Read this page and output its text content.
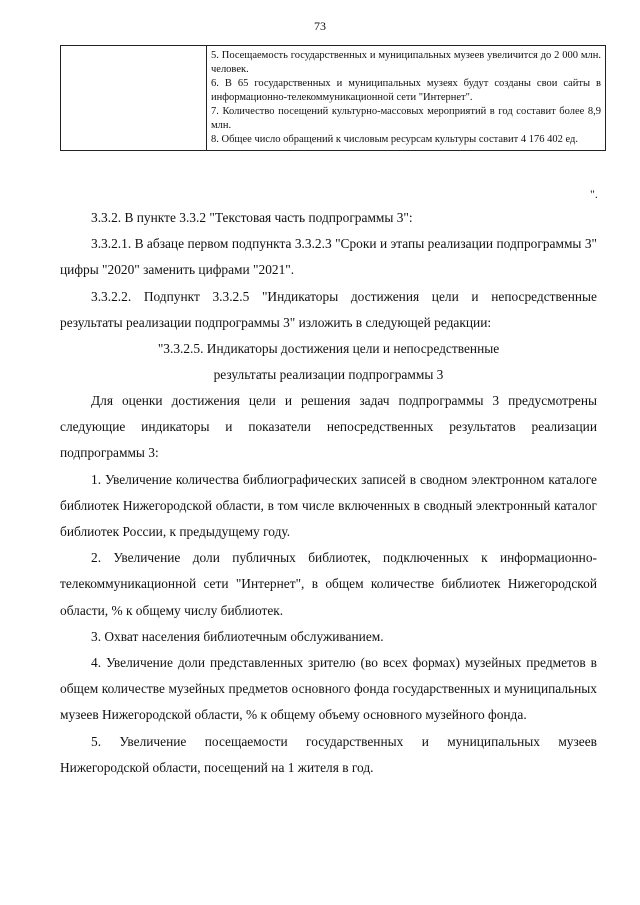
73

5. Посещаемость государственных и муниципальных музеев увеличится до 2 000 млн. человек.
6. В 65 государственных и муниципальных музеях будут созданы свои сайты в информационно-телекоммуникационной сети "Интернет".
7. Количество посещений культурно-массовых мероприятий в год составит более 8,9 млн.
8. Общее число обращений к числовым ресурсам культуры составит 4 176 402 ед.
".

3.3.2. В пункте 3.3.2 "Текстовая часть подпрограммы 3":

3.3.2.1. В абзаце первом подпункта 3.3.2.3 "Сроки и этапы реализации подпрограммы 3" цифры "2020" заменить цифрами "2021".

3.3.2.2. Подпункт 3.3.2.5 "Индикаторы достижения цели и непосредственные результаты реализации подпрограммы 3" изложить в следующей редакции:

"3.3.2.5. Индикаторы достижения цели и непосредственные
результаты реализации подпрограммы 3

Для оценки достижения цели и решения задач подпрограммы 3 предусмотрены следующие индикаторы и показатели непосредственных результатов реализации подпрограммы 3:

1. Увеличение количества библиографических записей в сводном электронном каталоге библиотек Нижегородской области, в том числе включенных в сводный электронный каталог библиотек России, к предыдущему году.

2. Увеличение доли публичных библиотек, подключенных к информационно-телекоммуникационной сети "Интернет", в общем количестве библиотек Нижегородской области, % к общему числу библиотек.

3. Охват населения библиотечным обслуживанием.

4. Увеличение доли представленных зрителю (во всех формах) музейных предметов в общем количестве музейных предметов основного фонда государственных и муниципальных музеев Нижегородской области, % к общему объему основного музейного фонда.

5. Увеличение посещаемости государственных и муниципальных музеев Нижегородской области, посещений на 1 жителя в год.
